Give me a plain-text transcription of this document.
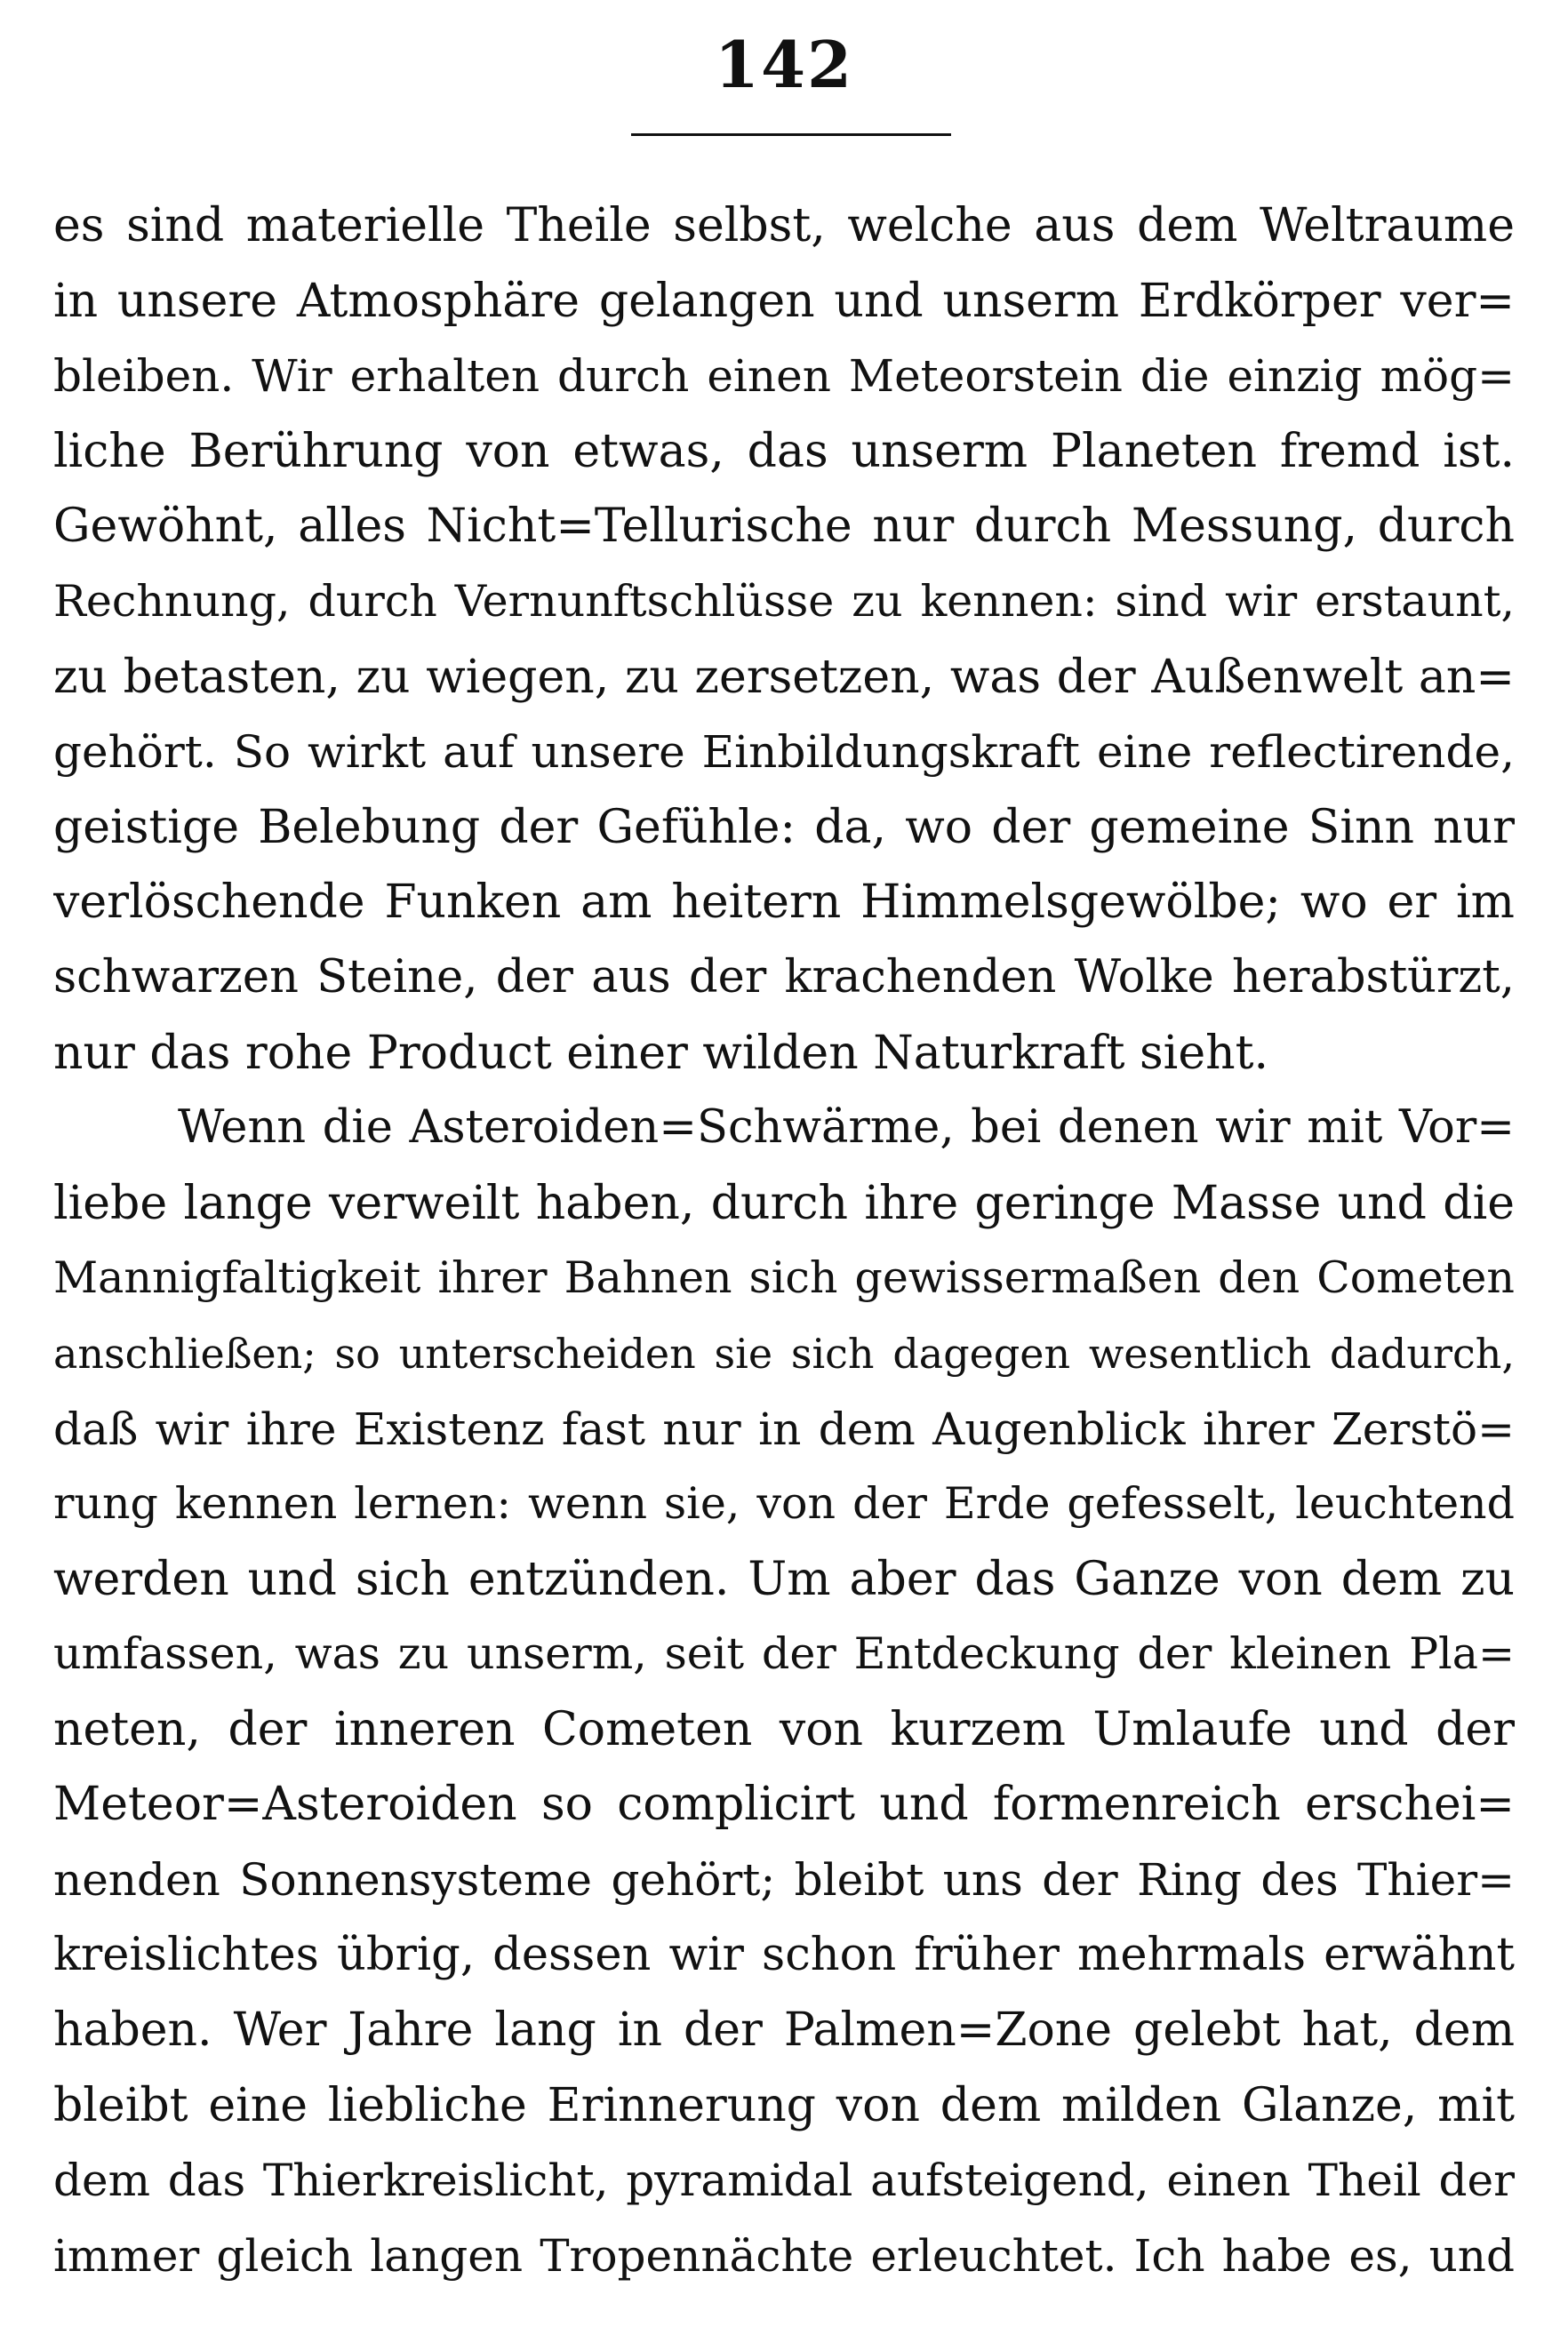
142
es sind materielle Theile selbst, welche aus dem Weltraume
in unsere Atmosphäre gelangen und unserm Erdkörper ver=
bleiben. Wir erhalten durch einen Meteorstein die einzig mög=
liche Berührung von etwas, das unserm Planeten fremd ist.
Gewöhnt, alles Nicht=Tellurische nur durch Messung, durch
Rechnung, durch Vernunftschlüsse zu kennen: sind wir erstaunt,
zu betasten, zu wiegen, zu zersetzen, was der Außenwelt an=
gehört. So wirkt auf unsere Einbildungskraft eine reflectirende,
geistige Belebung der Gefühle: da, wo der gemeine Sinn nur
verlöschende Funken am heitern Himmelsgewölbe; wo er im
schwarzen Steine, der aus der krachenden Wolke herabstürzt,
nur das rohe Product einer wilden Naturkraft sieht.
Wenn die Asteroiden=Schwärme, bei denen wir mit Vor=
liebe lange verweilt haben, durch ihre geringe Masse und die
Mannigfaltigkeit ihrer Bahnen sich gewissermaßen den Cometen
anschließen; so unterscheiden sie sich dagegen wesentlich dadurch,
daß wir ihre Existenz fast nur in dem Augenblick ihrer Zerstö=
rung kennen lernen: wenn sie, von der Erde gefesselt, leuchtend
werden und sich entzünden. Um aber das Ganze von dem zu
umfassen, was zu unserm, seit der Entdeckung der kleinen Pla=
neten, der inneren Cometen von kurzem Umlaufe und der
Meteor=Asteroiden so complicirt und formenreich erschei=
nenden Sonnensysteme gehört; bleibt uns der Ring des Thier=
kreislichtes übrig, dessen wir schon früher mehrmals erwähnt
haben. Wer Jahre lang in der Palmen=Zone gelebt hat, dem
bleibt eine liebliche Erinnerung von dem milden Glanze, mit
dem das Thierkreislicht, pyramidal aufsteigend, einen Theil der
immer gleich langen Tropennächte erleuchtet. Ich habe es, und
